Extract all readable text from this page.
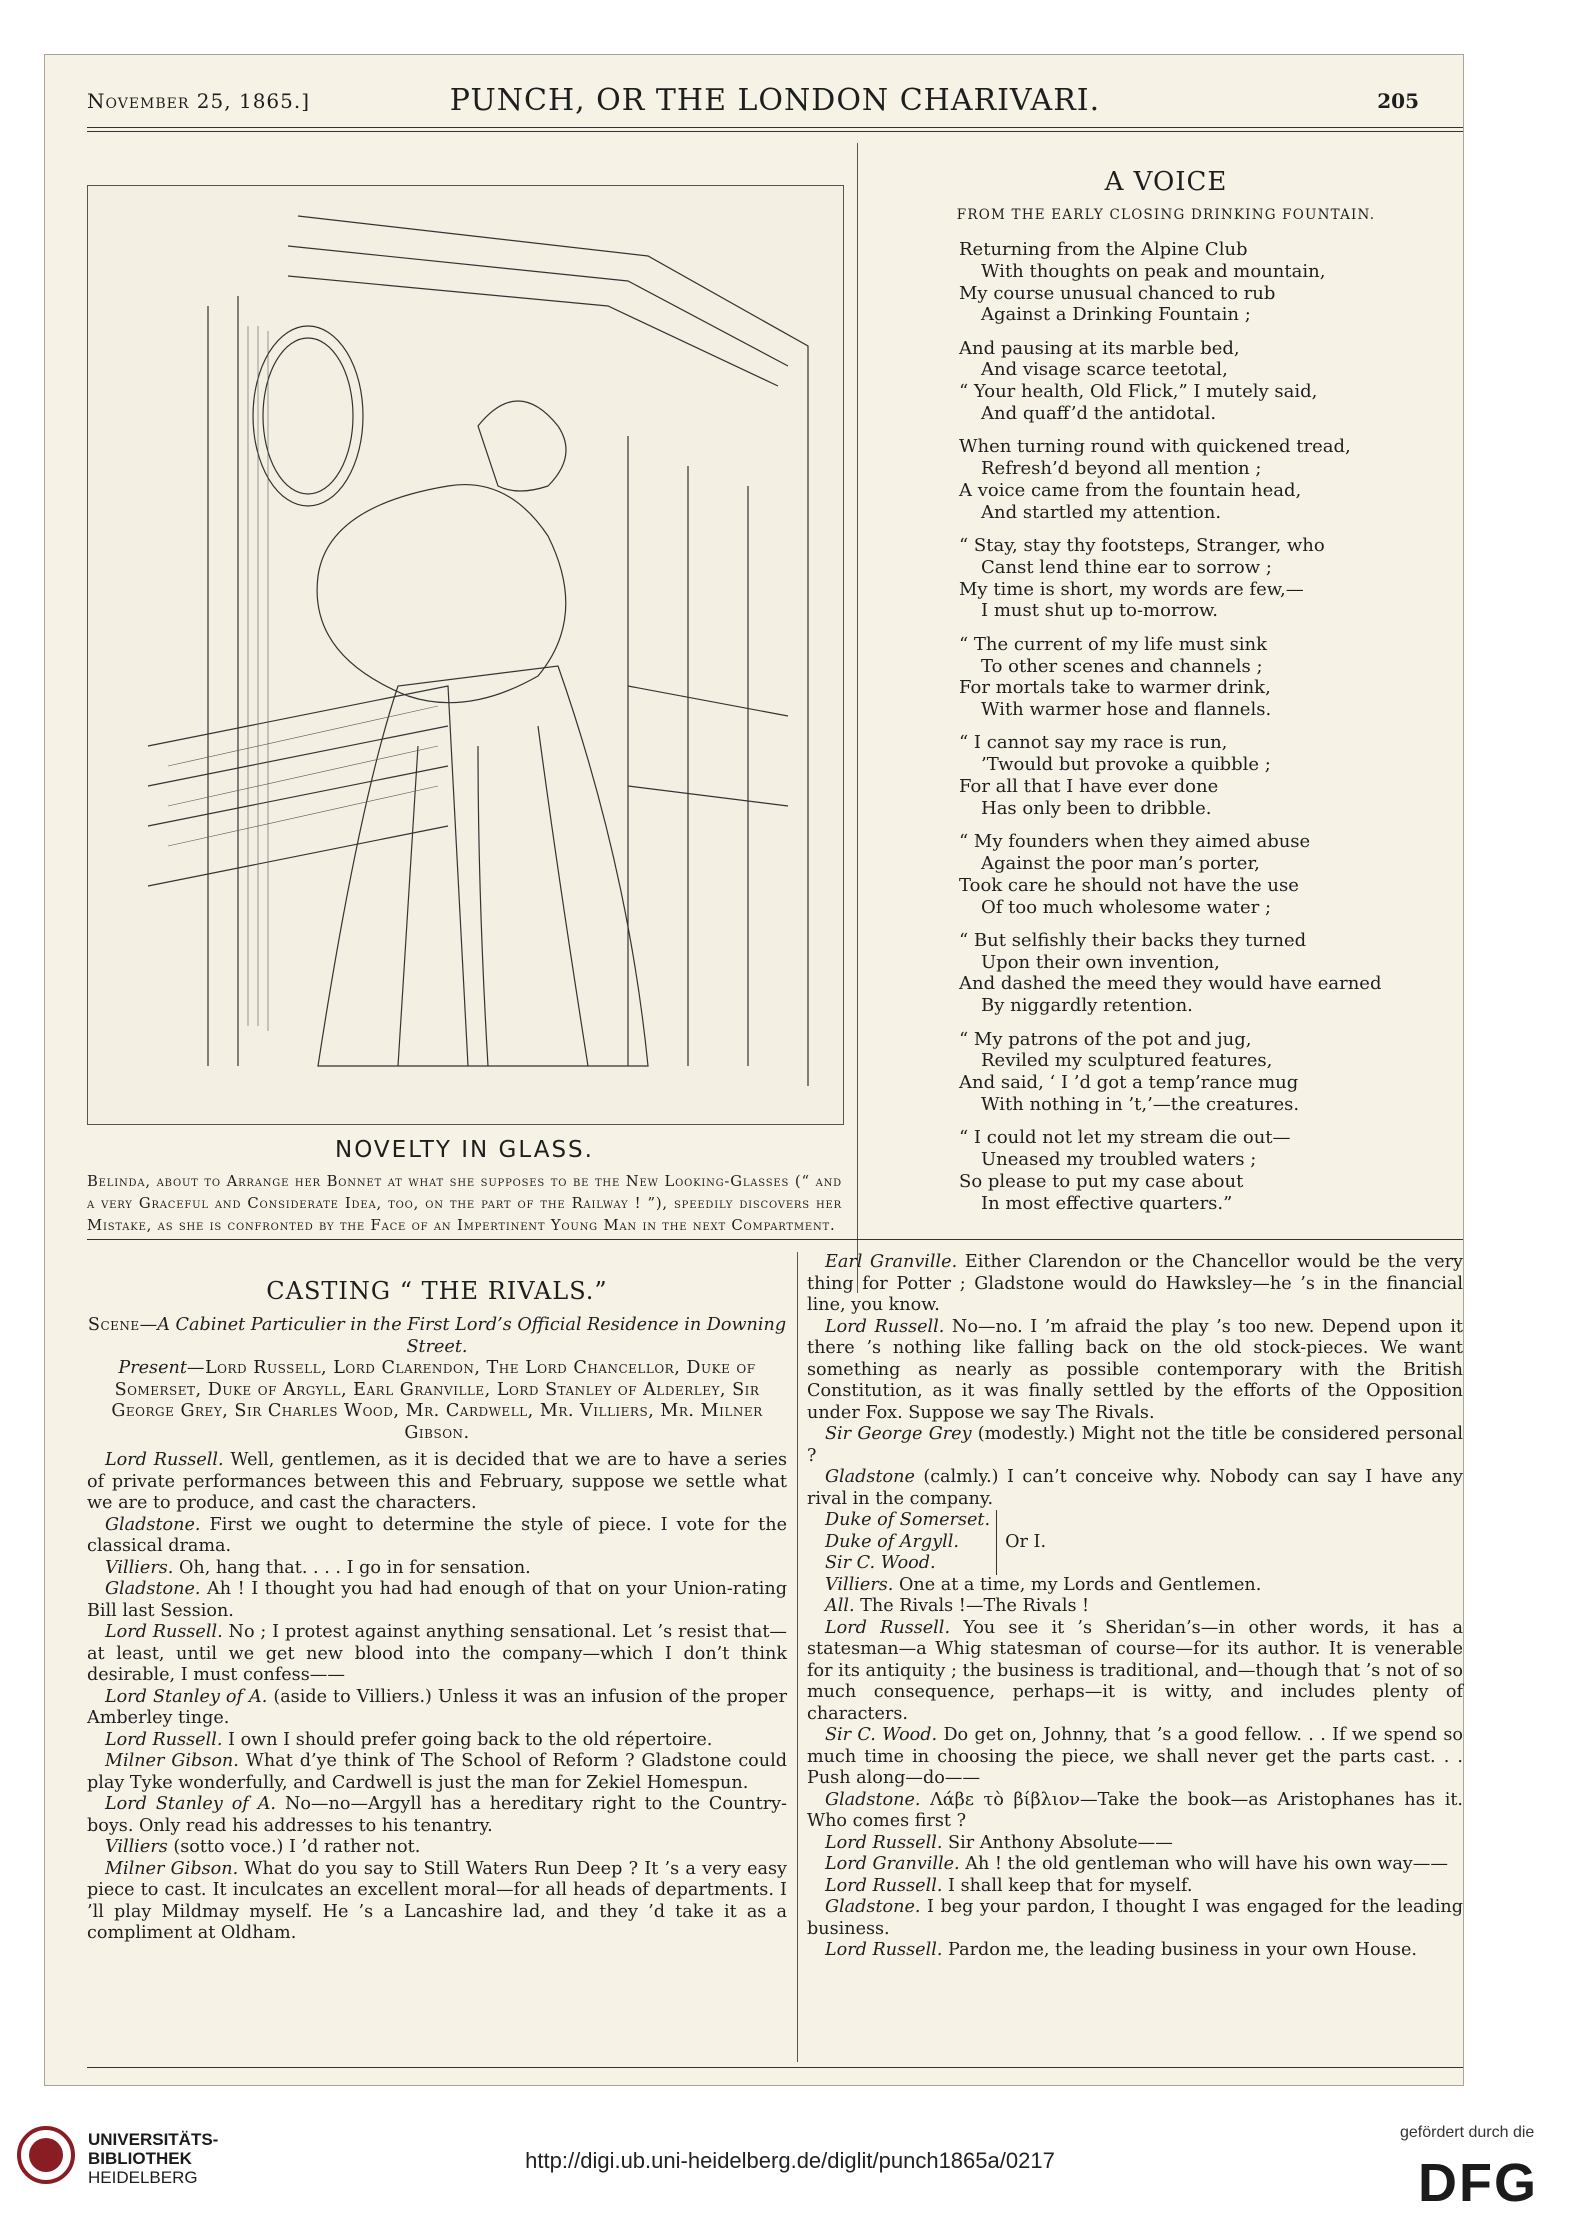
November 25, 1865.]	PUNCH, OR THE LONDON CHARIVARI.	205
NOVELTY IN GLASS.
Belinda, about to Arrange her Bonnet at what she supposes to be the New Looking-Glasses (“ and a very Graceful and Considerate Idea, too, on the part of the Railway ! ”), speedily discovers her Mistake, as she is confronted by the Face of an Impertinent Young Man in the next Compartment.
A VOICE
FROM THE EARLY CLOSING DRINKING FOUNTAIN.
Returning from the Alpine Club
With thoughts on peak and mountain,
My course unusual chanced to rub
Against a Drinking Fountain ;
And pausing at its marble bed,
And visage scarce teetotal,
“ Your health, Old Flick,” I mutely said,
And quaff’d the antidotal.
When turning round with quickened tread,
Refresh’d beyond all mention ;
A voice came from the fountain head,
And startled my attention.
“ Stay, stay thy footsteps, Stranger, who
Canst lend thine ear to sorrow ;
My time is short, my words are few,—
I must shut up to-morrow.
“ The current of my life must sink
To other scenes and channels ;
For mortals take to warmer drink,
With warmer hose and flannels.
“ I cannot say my race is run,
’Twould but provoke a quibble ;
For all that I have ever done
Has only been to dribble.
“ My founders when they aimed abuse
Against the poor man’s porter,
Took care he should not have the use
Of too much wholesome water ;
“ But selfishly their backs they turned
Upon their own invention,
And dashed the meed they would have earned
By niggardly retention.
“ My patrons of the pot and jug,
Reviled my sculptured features,
And said, ‘ I ’d got a temp’rance mug
With nothing in ’t,’—the creatures.
“ I could not let my stream die out—
Uneased my troubled waters ;
So please to put my case about
In most effective quarters.”
CASTING “ THE RIVALS.”

Scene—A Cabinet Particulier in the First Lord’s Official Residence in Downing Street.

Present—Lord Russell, Lord Clarendon, The Lord Chancellor, Duke of Somerset, Duke of Argyll, Earl Granville, Lord Stanley of Alderley, Sir George Grey, Sir Charles Wood, Mr. Cardwell, Mr. Villiers, Mr. Milner Gibson.

Lord Russell. Well, gentlemen, as it is decided that we are to have a series of private performances between this and February, suppose we settle what we are to produce, and cast the characters.

Gladstone. First we ought to determine the style of piece. I vote for the classical drama.

Villiers. Oh, hang that. . . . I go in for sensation.

Gladstone. Ah ! I thought you had had enough of that on your Union-rating Bill last Session.

Lord Russell. No ; I protest against anything sensational. Let ’s resist that—at least, until we get new blood into the company—which I don’t think desirable, I must confess——

Lord Stanley of A. (aside to Villiers.) Unless it was an infusion of the proper Amberley tinge.

Lord Russell. I own I should prefer going back to the old répertoire.

Milner Gibson. What d’ye think of The School of Reform ? Gladstone could play Tyke wonderfully, and Cardwell is just the man for Zekiel Homespun.

Lord Stanley of A. No—no—Argyll has a hereditary right to the Country-boys. Only read his addresses to his tenantry.

Villiers (sotto voce.) I ’d rather not.

Milner Gibson. What do you say to Still Waters Run Deep ? It ’s a very easy piece to cast. It inculcates an excellent moral—for all heads of departments. I ’ll play Mildmay myself. He ’s a Lancashire lad, and they ’d take it as a compliment at Oldham.

Earl Granville. Either Clarendon or the Chancellor would be the very thing for Potter ; Gladstone would do Hawksley—he ’s in the financial line, you know.

Lord Russell. No—no. I ’m afraid the play ’s too new. Depend upon it there ’s nothing like falling back on the old stock-pieces. We want something as nearly as possible contemporary with the British Constitution, as it was finally settled by the efforts of the Opposition under Fox. Suppose we say The Rivals.

Sir George Grey (modestly.) Might not the title be considered personal ?

Gladstone (calmly.) I can’t conceive why. Nobody can say I have any rival in the company.

Duke of Somerset.
Duke of Argyll.
Sir C. Wood.
Or I.

Villiers. One at a time, my Lords and Gentlemen.

All. The Rivals !—The Rivals !

Lord Russell. You see it ’s Sheridan’s—in other words, it has a statesman—a Whig statesman of course—for its author. It is venerable for its antiquity ; the business is traditional, and—though that ’s not of so much consequence, perhaps—it is witty, and includes plenty of characters.

Sir C. Wood. Do get on, Johnny, that ’s a good fellow. . . If we spend so much time in choosing the piece, we shall never get the parts cast. . . Push along—do——

Gladstone. Λάβε τὸ βίβλιον—Take the book—as Aristophanes has it. Who comes first ?

Lord Russell. Sir Anthony Absolute——

Lord Granville. Ah ! the old gentleman who will have his own way——

Lord Russell. I shall keep that for myself.

Gladstone. I beg your pardon, I thought I was engaged for the leading business.

Lord Russell. Pardon me, the leading business in your own House.

UNIVERSITÄTS-
BIBLIOTHEK
HEIDELBERG
http://digi.ub.uni-heidelberg.de/diglit/punch1865a/0217
gefördert durch die
DFG
